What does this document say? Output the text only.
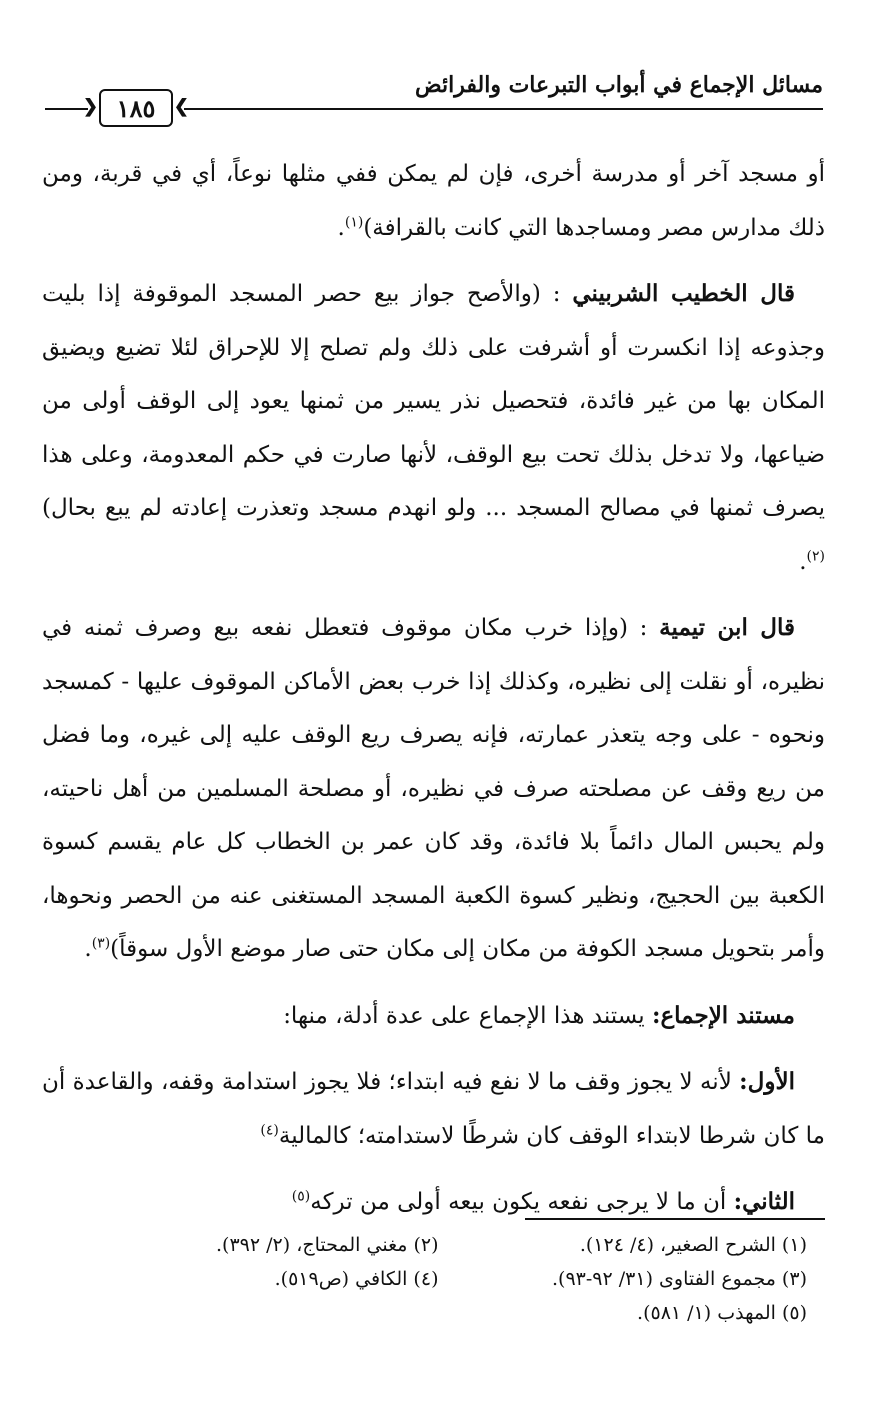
مسائل الإجماع في أبواب التبرعات والفرائض
❮ ١٨٥ ❯

أو مسجد آخر أو مدرسة أخرى، فإن لم يمكن ففي مثلها نوعاً، أي في قربة، ومن ذلك مدارس مصر ومساجدها التي كانت بالقرافة)$^{(١)}$.

قال الخطيب الشربيني : (والأصح جواز بيع حصر المسجد الموقوفة إذا بليت وجذوعه إذا انكسرت أو أشرفت على ذلك ولم تصلح إلا للإحراق لئلا تضيع ويضيق المكان بها من غير فائدة، فتحصيل نذر يسير من ثمنها يعود إلى الوقف أولى من ضياعها، ولا تدخل بذلك تحت بيع الوقف، لأنها صارت في حكم المعدومة، وعلى هذا يصرف ثمنها في مصالح المسجد ... ولو انهدم مسجد وتعذرت إعادته لم يبع بحال)$^{(٢)}$.

قال ابن تيمية : (وإذا خرب مكان موقوف فتعطل نفعه بيع وصرف ثمنه في نظيره، أو نقلت إلى نظيره، وكذلك إذا خرب بعض الأماكن الموقوف عليها - كمسجد ونحوه - على وجه يتعذر عمارته، فإنه يصرف ريع الوقف عليه إلى غيره، وما فضل من ريع وقف عن مصلحته صرف في نظيره، أو مصلحة المسلمين من أهل ناحيته، ولم يحبس المال دائماً بلا فائدة، وقد كان عمر بن الخطاب كل عام يقسم كسوة الكعبة بين الحجيج، ونظير كسوة الكعبة المسجد المستغنى عنه من الحصر ونحوها، وأمر بتحويل مسجد الكوفة من مكان إلى مكان حتى صار موضع الأول سوقاً)$^{(٣)}$.

مستند الإجماع: يستند هذا الإجماع على عدة أدلة، منها:

الأول: لأنه لا يجوز وقف ما لا نفع فيه ابتداء؛ فلا يجوز استدامة وقفه، والقاعدة أن ما كان شرطا لابتداء الوقف كان شرطًا لاستدامته؛ كالمالية$^{(٤)}$

الثاني: أن ما لا يرجى نفعه يكون بيعه أولى من تركه$^{(٥)}$

(١) الشرح الصغير، (٤/ ١٢٤).
(٢) مغني المحتاج، (٢/ ٣٩٢).
(٣) مجموع الفتاوى (٣١/ ٩٢-٩٣).
(٤) الكافي (ص٥١٩).
(٥) المهذب (١/ ٥٨١).
